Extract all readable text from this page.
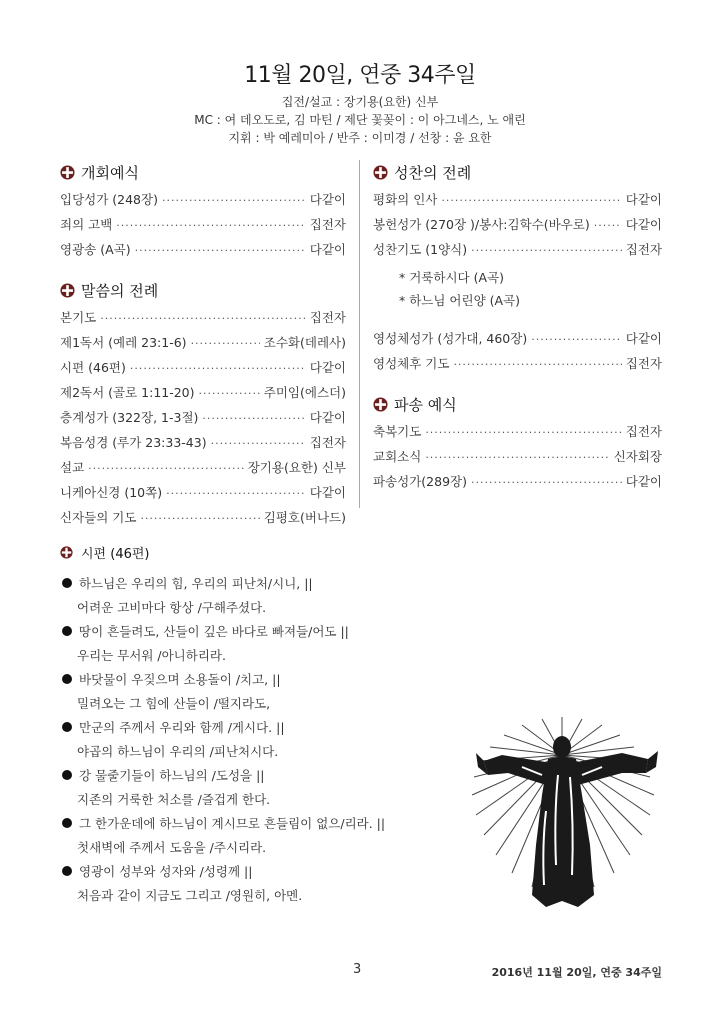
11월 20일, 연중 34주일
집전/설교 : 장기용(요한) 신부
MC : 여 데오도로, 김 마틴 / 제단 꽃꽂이 : 이 아그네스, 노 애린
지휘 : 박 예레미아 / 반주 : 이미경 / 선창 : 윤 요한
개회예식
입당성가 (248장) ·····	다같이
죄의 고백 ·····	집전자
영광송 (A곡) ·····	다같이
말씀의 전례
본기도 ·····	집전자
제1독서 (예레 23:1-6) ·····	조수화(데레사)
시편 (46편) ·····	다같이
제2독서 (골로 1:11-20) ·····	주미임(에스더)
층계성가 (322장, 1-3절) ·····	다같이
복음성경 (루가 23:33-43) ·····	집전자
설교 ·····	장기용(요한) 신부
니케아신경 (10쪽) ·····	다같이
신자들의 기도 ·····	김평호(버나드)
성찬의 전례
평화의 인사 ·····	다같이
봉헌성가 (270장 )/봉사:김학수(바우로) ·····	다같이
성찬기도 (1양식) ·····	집전자
* 거룩하시다 (A곡)
* 하느님 어린양 (A곡)
영성체성가 (성가대, 460장) ·····	다같이
영성체후 기도 ·····	집전자
파송 예식
축복기도 ·····	집전자
교회소식 ·····	신자회장
파송성가(289장) ·····	다같이
시편 (46편)
하느님은 우리의 힘, 우리의 피난처/시니, ||
어려운 고비마다 항상 /구해주셨다.
땅이 흔들려도, 산들이 깊은 바다로 빠져들/어도 ||
우리는 무서워 /아니하리라.
바닷물이 우짖으며 소용돌이 /치고, ||
밀려오는 그 힘에 산들이 /떨지라도,
만군의 주께서 우리와 함께 /게시다. ||
야곱의 하느님이 우리의 /피난처시다.
강 물줄기들이 하느님의 /도성을 ||
지존의 거룩한 처소를 /즐겁게 한다.
그 한가운데에 하느님이 계시므로 흔들림이 없으/리라. ||
첫새벽에 주께서 도움을 /주시리라.
영광이 성부와 성자와 /성령께 ||
처음과 같이 지금도 그리고 /영원히, 아멘.
3	2016년 11월 20일, 연중 34주일
